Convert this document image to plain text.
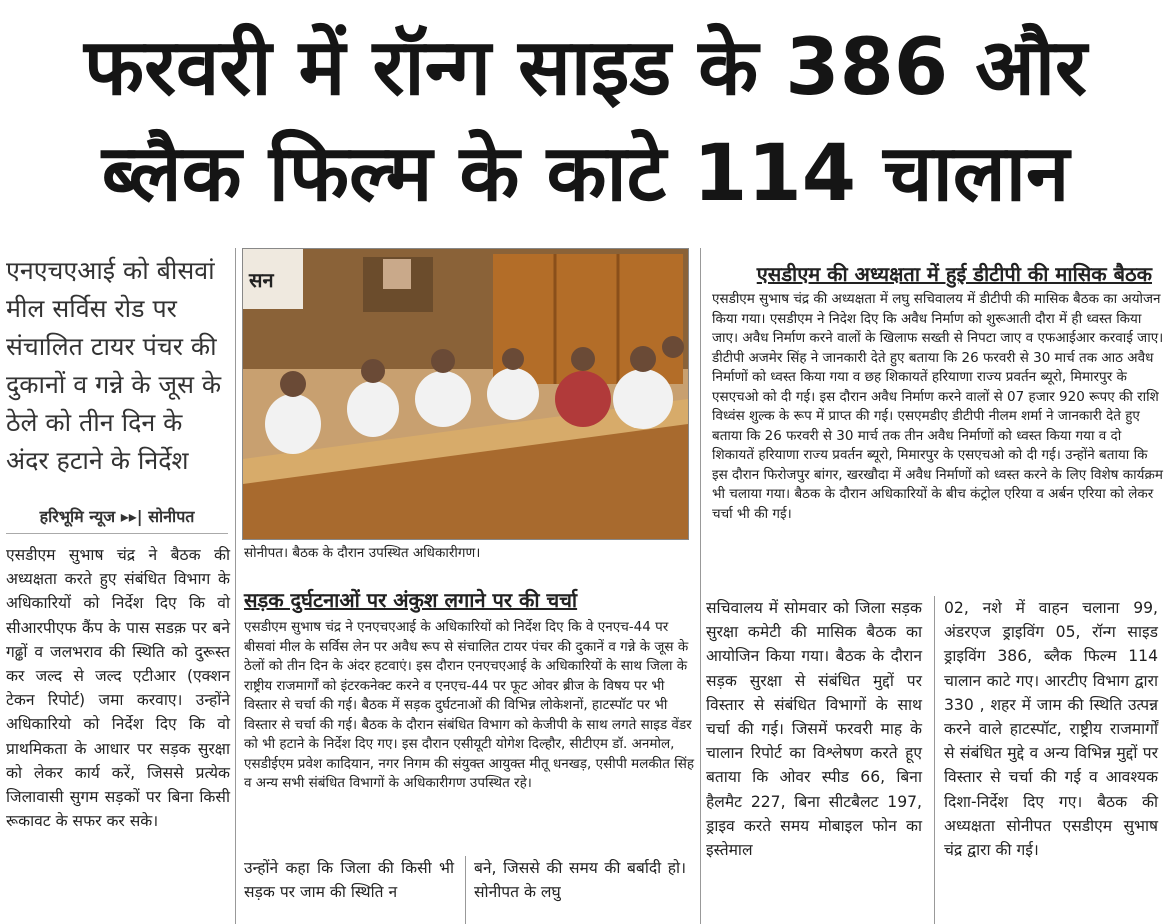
फरवरी में रॉन्ग साइड के 386 और
ब्लैक फिल्म के काटे 114 चालान
एनएचएआई को बीसवां मील सर्विस रोड पर संचालित टायर पंचर की दुकानों व गन्ने के जूस के ठेले को तीन दिन के अंदर हटाने के निर्देश
हरिभूमि न्यूज ▸▸| सोनीपत
एसडीएम सुभाष चंद्र ने बैठक की अध्यक्षता करते हुए संबंधित विभाग के अधिकारियों को निर्देश दिए कि वो सीआरपीएफ कैंप के पास सडक़ पर बने गढ्ढों व जलभराव की स्थिति को दुरूस्त कर जल्द से जल्द एटीआर (एक्शन टेकन रिपोर्ट) जमा करवाए। उन्होंने अधिकारियो को निर्देश दिए कि वो प्राथमिकता के आधार पर सड़क सुरक्षा को लेकर कार्य करें, जिससे प्रत्येक जिलावासी सुगम सड़कों पर बिना किसी रूकावट के सफर कर सके।
सन
सोनीपत। बैठक के दौरान उपस्थित अधिकारीगण।
एसडीएम की अध्यक्षता में हुई डीटीपी की मासिक बैठक
एसडीएम सुभाष चंद्र की अध्यक्षता में लघु सचिवालय में डीटीपी की मासिक बैठक का अयोजन किया गया। एसडीएम ने निदेश दिए कि अवैध निर्माण को शुरूआती दौरा में ही ध्वस्त किया जाए। अवैध निर्माण करने वालों के खिलाफ सख्ती से निपटा जाए व एफआईआर करवाई जाए। डीटीपी अजमेर सिंह ने जानकारी देते हुए बताया कि 26 फरवरी से 30 मार्च तक आठ अवैध निर्माणों को ध्वस्त किया गया व छह शिकायतें हरियाणा राज्य प्रवर्तन ब्यूरो, मिमारपुर के एसएचओ को दी गई। इस दौरान अवैध निर्माण करने वालों से 07 हजार 920 रूपए की राशि विध्वंस शुल्क के रूप में प्राप्त की गई। एसएमडीए डीटीपी नीलम शर्मा ने जानकारी देते हुए बताया कि 26 फरवरी से 30 मार्च तक तीन अवैध निर्माणों को ध्वस्त किया गया व दो शिकायतें हरियाणा राज्य प्रवर्तन ब्यूरो, मिमारपुर के एसएचओ को दी गई। उन्होंने बताया कि इस दौरान फिरोजपुर बांगर, खरखौदा में अवैध निर्माणों को ध्वस्त करने के लिए विशेष कार्यक्रम भी चलाया गया। बैठक के दौरान अधिकारियों के बीच कंट्रोल एरिया व अर्बन एरिया को लेकर चर्चा भी की गई।
सड़क दुर्घटनाओं पर अंकुश लगाने पर की चर्चा
एसडीएम सुभाष चंद्र ने एनएचएआई के अधिकारियों को निर्देश दिए कि वे एनएच-44 पर बीसवां मील के सर्विस लेन पर अवैध रूप से संचालित टायर पंचर की दुकानें व गन्ने के जूस के ठेलों को तीन दिन के अंदर हटवाएं। इस दौरान एनएचएआई के अधिकारियों के साथ जिला के राष्ट्रीय राजमार्गों को इंटरकनेक्ट करने व एनएच-44 पर फूट ओवर ब्रीज के विषय पर भी विस्तार से चर्चा की गई। बैठक में सड़क दुर्घटनाओं की विभिन्न लोकेशनों, हाटस्पॉट पर भी विस्तार से चर्चा की गई। बैठक के दौरान संबंधित विभाग को केजीपी के साथ लगते साइड वेंडर को भी हटाने के निर्देश दिए गए। इस दौरान एसीयूटी योगेश दिल्हौर, सीटीएम डॉ. अनमोल, एसडीईएम प्रवेश कादियान, नगर निगम की संयुक्त आयुक्त मीतू धनखड़, एसीपी मलकीत सिंह व अन्य सभी संबंधित विभागों के अधिकारीगण उपस्थित रहे।
उन्होंने कहा कि जिला की किसी भी सड़क पर जाम की स्थिति न
बने, जिससे की समय की बर्बादी हो। सोनीपत के लघु
सचिवालय में सोमवार को जिला सड़क सुरक्षा कमेटी की मासिक बैठक का आयोजिन किया गया। बैठक के दौरान सड़क सुरक्षा से संबंधित मुद्दों पर विस्तार से संबंधित विभागों के साथ चर्चा की गई। जिसमें फरवरी माह के चालान रिपोर्ट का विश्लेषण करते हूए बताया कि ओवर स्पीड 66, बिना हैलमैट 227, बिना सीटबैलट 197, ड्राइव करते समय मोबाइल फोन का इस्तेमाल
02, नशे में वाहन चलाना 99, अंडरएज ड्राइविंग 05, रॉन्ग साइड ड्राइविंग 386, ब्लैक फिल्म 114 चालान काटे गए। आरटीए विभाग द्वारा 330 , शहर में जाम की स्थिति उत्पन्न करने वाले हाटस्पॉट, राष्ट्रीय राजमार्गों से संबंधित मुद्दे व अन्य विभिन्न मुद्दों पर विस्तार से चर्चा की गई व आवश्यक दिशा-निर्देश दिए गए। बैठक की अध्यक्षता सोनीपत एसडीएम सुभाष चंद्र द्वारा की गई।
